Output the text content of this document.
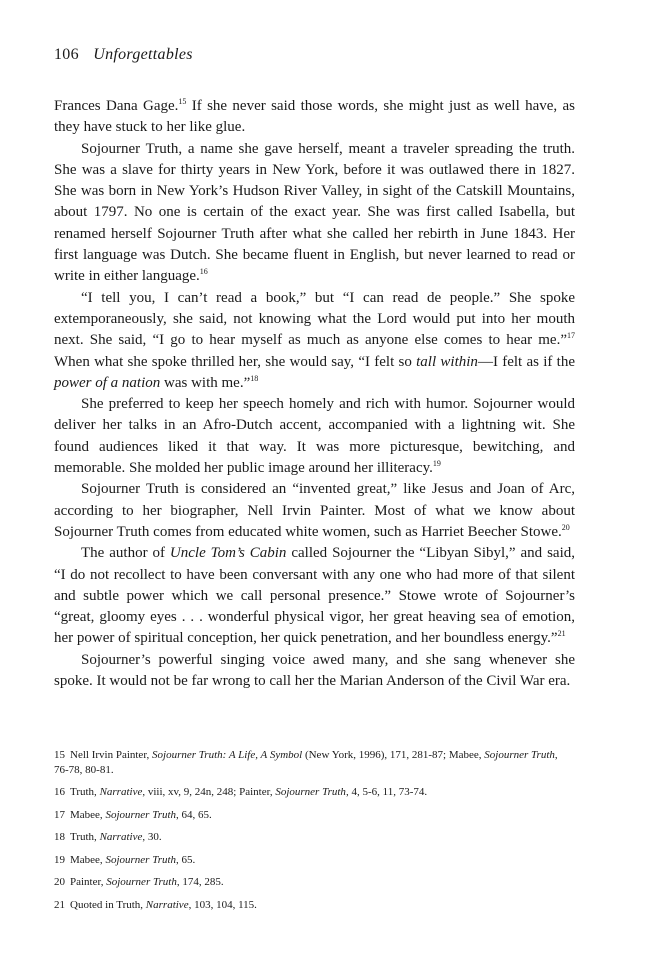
106 Unforgettables

Frances Dana Gage.$^{15}$ If she never said those words, she might just as well have, as they have stuck to her like glue.

Sojourner Truth, a name she gave herself, meant a traveler spreading the truth. She was a slave for thirty years in New York, before it was outlawed there in 1827. She was born in New York’s Hudson River Valley, in sight of the Catskill Mountains, about 1797. No one is certain of the exact year. She was first called Isabella, but renamed herself Sojourner Truth after what she called her rebirth in June 1843. Her first language was Dutch. She became fluent in English, but never learned to read or write in either language.$^{16}$

“I tell you, I can’t read a book,” but “I can read de people.” She spoke extemporaneously, she said, not knowing what the Lord would put into her mouth next. She said, “I go to hear myself as much as anyone else comes to hear me.”$^{17}$ When what she spoke thrilled her, she would say, “I felt so tall within—I felt as if the power of a nation was with me.”$^{18}$

She preferred to keep her speech homely and rich with humor. Sojourner would deliver her talks in an Afro-Dutch accent, accompanied with a lightning wit. She found audiences liked it that way. It was more picturesque, bewitching, and memorable. She molded her public image around her illiteracy.$^{19}$

Sojourner Truth is considered an “invented great,” like Jesus and Joan of Arc, according to her biographer, Nell Irvin Painter. Most of what we know about Sojourner Truth comes from educated white women, such as Harriet Beecher Stowe.$^{20}$

The author of Uncle Tom’s Cabin called Sojourner the “Libyan Sibyl,” and said, “I do not recollect to have been conversant with any one who had more of that silent and subtle power which we call personal presence.” Stowe wrote of Sojourner’s “great, gloomy eyes . . . wonderful physical vigor, her great heaving sea of emotion, her power of spiritual conception, her quick penetration, and her boundless energy.”$^{21}$

Sojourner’s powerful singing voice awed many, and she sang whenever she spoke. It would not be far wrong to call her the Marian Anderson of the Civil War era.

15 Nell Irvin Painter, Sojourner Truth: A Life, A Symbol (New York, 1996), 171, 281-87; Mabee, Sojourner Truth, 76-78, 80-81.

16 Truth, Narrative, viii, xv, 9, 24n, 248; Painter, Sojourner Truth, 4, 5-6, 11, 73-74.

17 Mabee, Sojourner Truth, 64, 65.

18 Truth, Narrative, 30.

19 Mabee, Sojourner Truth, 65.

20 Painter, Sojourner Truth, 174, 285.

21 Quoted in Truth, Narrative, 103, 104, 115.
